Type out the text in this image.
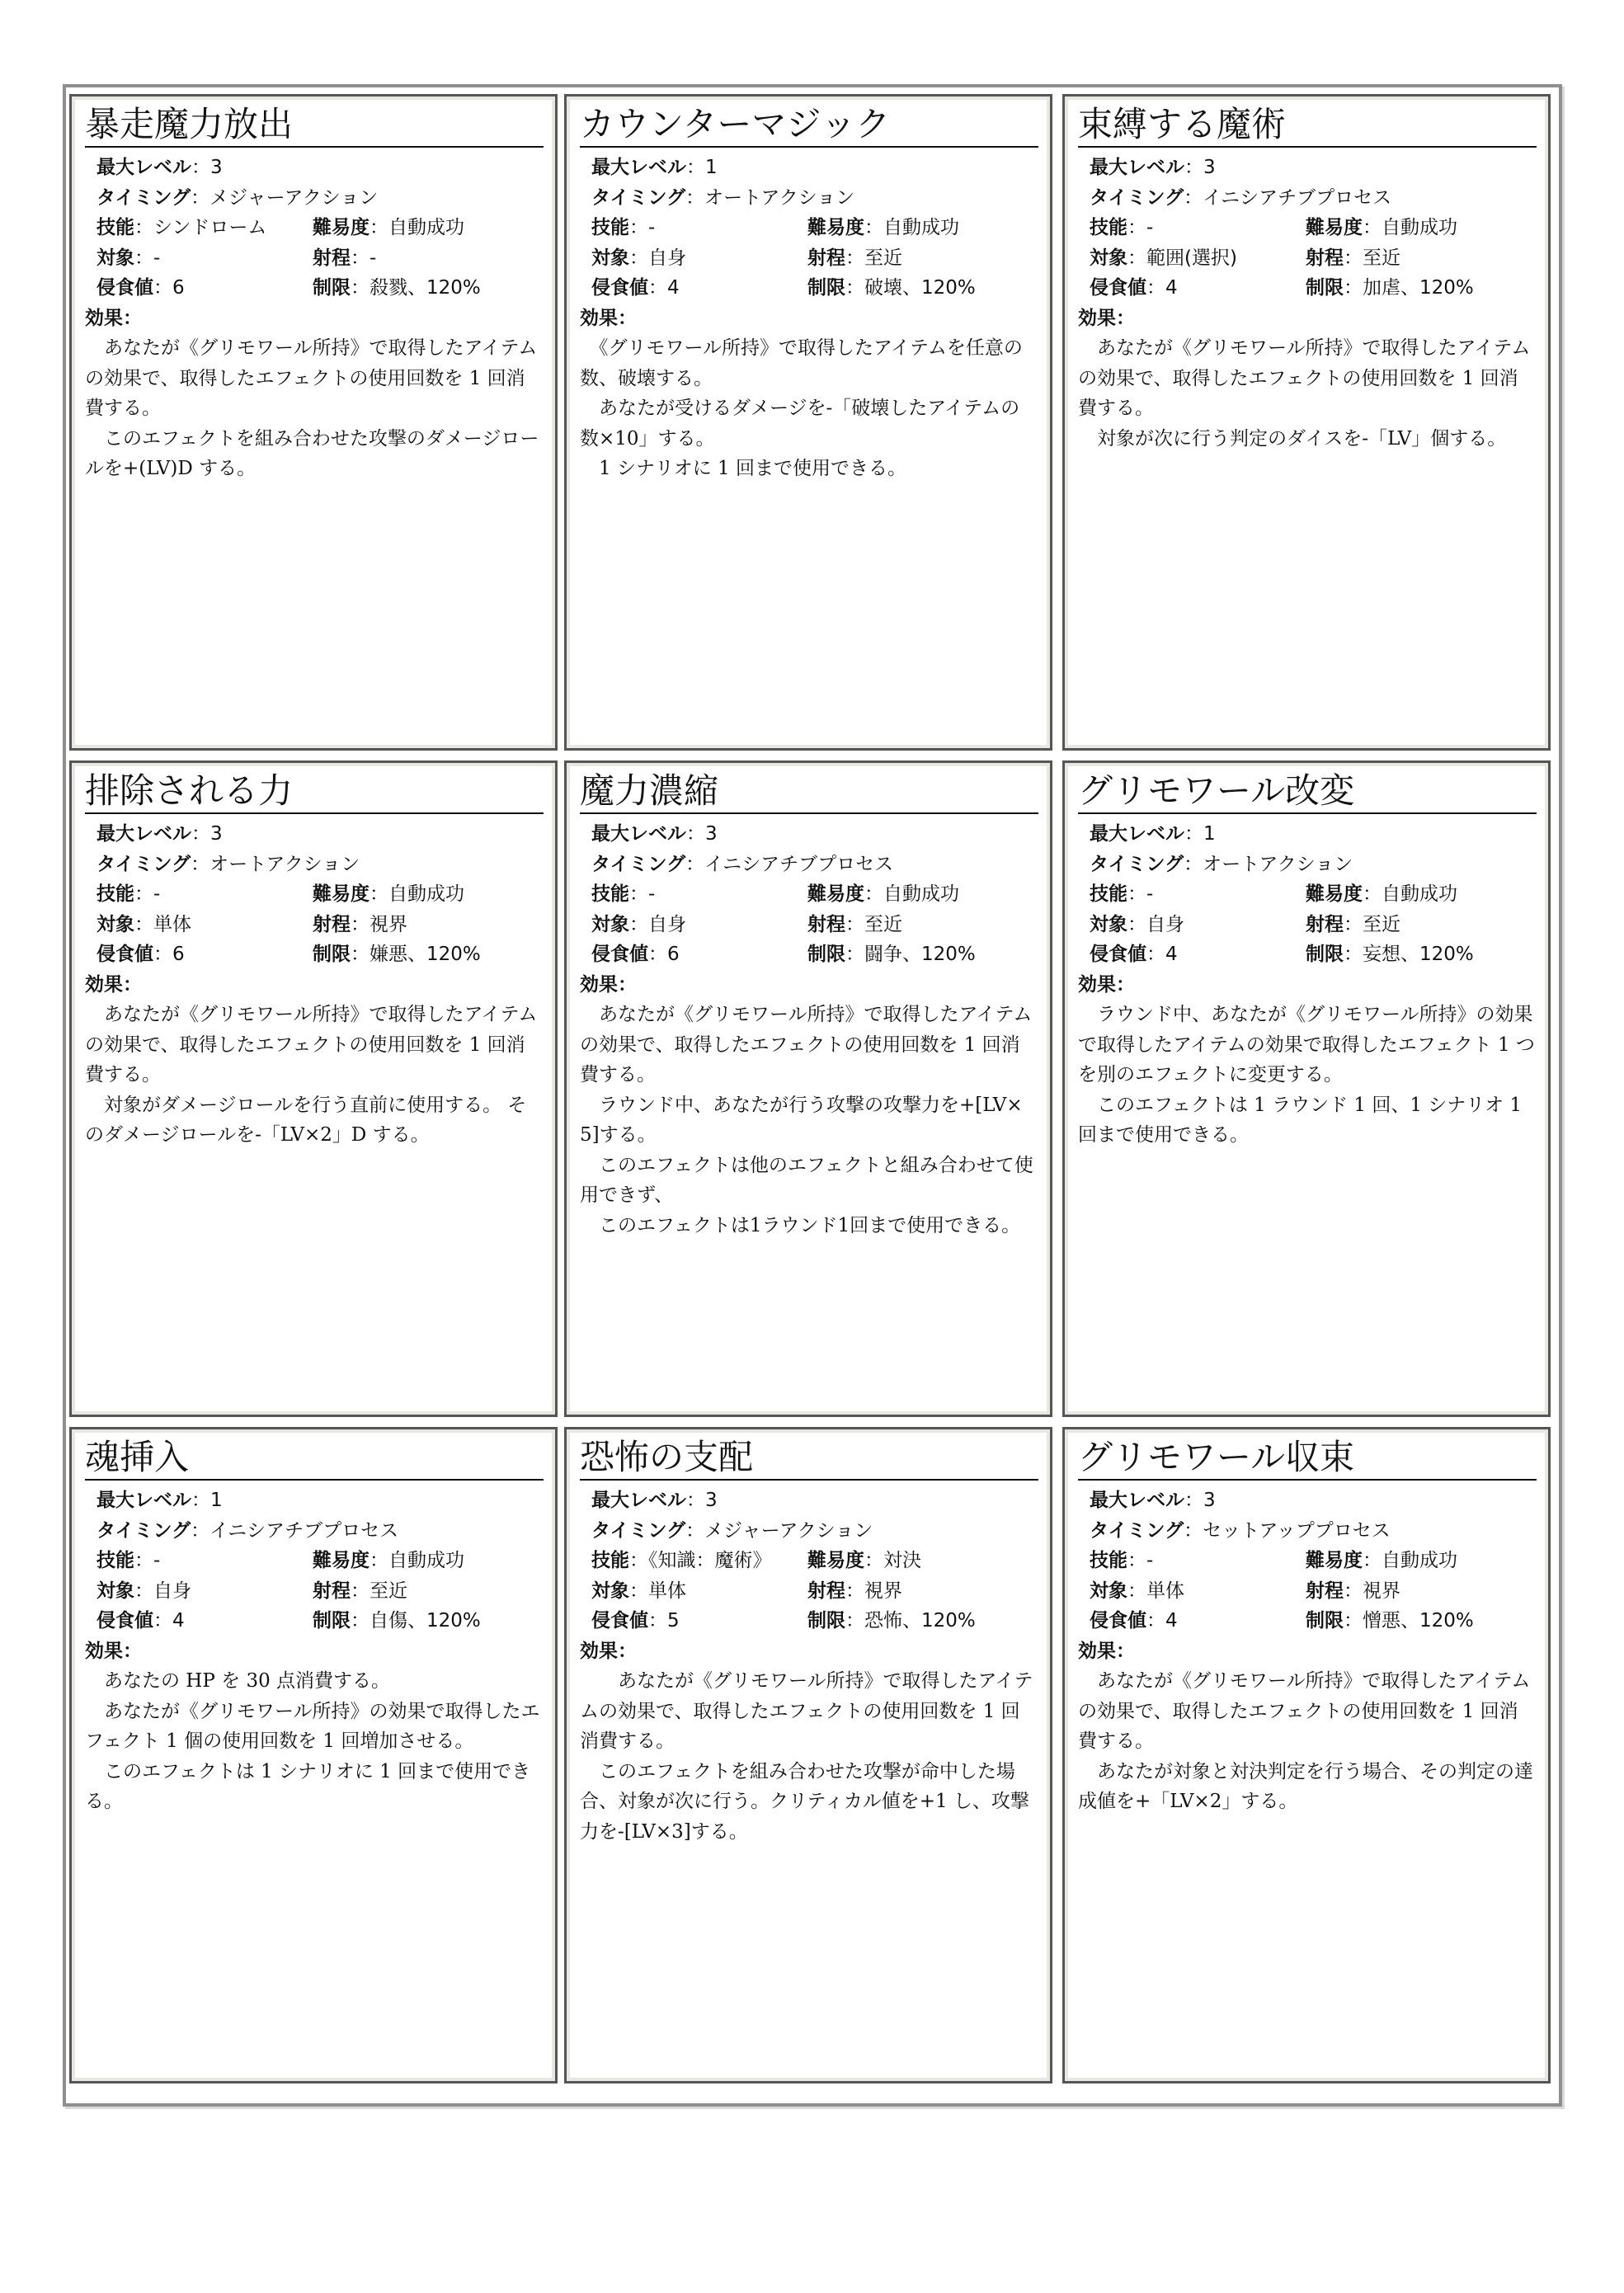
暴走魔力放出
最大レベル：3
タイミング：メジャーアクション
技能：シンドローム	難易度：自動成功
対象：-	射程：-
侵食値：6	制限：殺戮、120%
効果：

　あなたが《グリモワール所持》で取得したアイテムの効果で、取得したエフェクトの使用回数を 1 回消費する。

　このエフェクトを組み合わせた攻撃のダメージロールを+(LV)D する。

カウンターマジック
最大レベル：1
タイミング：オートアクション
技能：-	難易度：自動成功
対象：自身	射程：至近
侵食値：4	制限：破壊、120%
効果：

　《グリモワール所持》で取得したアイテムを任意の数、破壊する。

　あなたが受けるダメージを-「破壊したアイテムの数×10」する。

　1 シナリオに 1 回まで使用できる。

束縛する魔術
最大レベル：3
タイミング：イニシアチブプロセス
技能：-	難易度：自動成功
対象：範囲(選択)	射程：至近
侵食値：4	制限：加虐、120%
効果：

　あなたが《グリモワール所持》で取得したアイテムの効果で、取得したエフェクトの使用回数を 1 回消費する。

　対象が次に行う判定のダイスを-「LV」個する。

排除される力
最大レベル：3
タイミング：オートアクション
技能：-	難易度：自動成功
対象：単体	射程：視界
侵食値：6	制限：嫌悪、120%
効果：

　あなたが《グリモワール所持》で取得したアイテムの効果で、取得したエフェクトの使用回数を 1 回消費する。

　対象がダメージロールを行う直前に使用する。 そのダメージロールを-「LV×2」D する。

魔力濃縮
最大レベル：3
タイミング：イニシアチブプロセス
技能：-	難易度：自動成功
対象：自身	射程：至近
侵食値：6	制限：闘争、120%
効果：

　あなたが《グリモワール所持》で取得したアイテムの効果で、取得したエフェクトの使用回数を 1 回消費する。

　ラウンド中、あなたが行う攻撃の攻撃力を+[LV×5]する。

　このエフェクトは他のエフェクトと組み合わせて使用できず、

　このエフェクトは1ラウンド1回まで使用できる。

グリモワール改変
最大レベル：1
タイミング：オートアクション
技能：-	難易度：自動成功
対象：自身	射程：至近
侵食値：4	制限：妄想、120%
効果：

　ラウンド中、あなたが《グリモワール所持》の効果で取得したアイテムの効果で取得したエフェクト 1 つを別のエフェクトに変更する。

　このエフェクトは 1 ラウンド 1 回、1 シナリオ 1 回まで使用できる。

魂挿入
最大レベル：1
タイミング：イニシアチブプロセス
技能：-	難易度：自動成功
対象：自身	射程：至近
侵食値：4	制限：自傷、120%
効果：

　あなたの HP を 30 点消費する。

　あなたが《グリモワール所持》の効果で取得したエフェクト 1 個の使用回数を 1 回増加させる。

　このエフェクトは 1 シナリオに 1 回まで使用できる。

恐怖の支配
最大レベル：3
タイミング：メジャーアクション
技能：《知識：魔術》	難易度：対決
対象：単体	射程：視界
侵食値：5	制限：恐怖、120%
効果：

　　あなたが《グリモワール所持》で取得したアイテムの効果で、取得したエフェクトの使用回数を 1 回消費する。

　このエフェクトを組み合わせた攻撃が命中した場合、対象が次に行う。クリティカル値を+1 し、攻撃力を-[LV×3]する。

グリモワール収束
最大レベル：3
タイミング：セットアッププロセス
技能：-	難易度：自動成功
対象：単体	射程：視界
侵食値：4	制限：憎悪、120%
効果：

　あなたが《グリモワール所持》で取得したアイテムの効果で、取得したエフェクトの使用回数を 1 回消費する。

　あなたが対象と対決判定を行う場合、その判定の達成値を+「LV×2」する。
